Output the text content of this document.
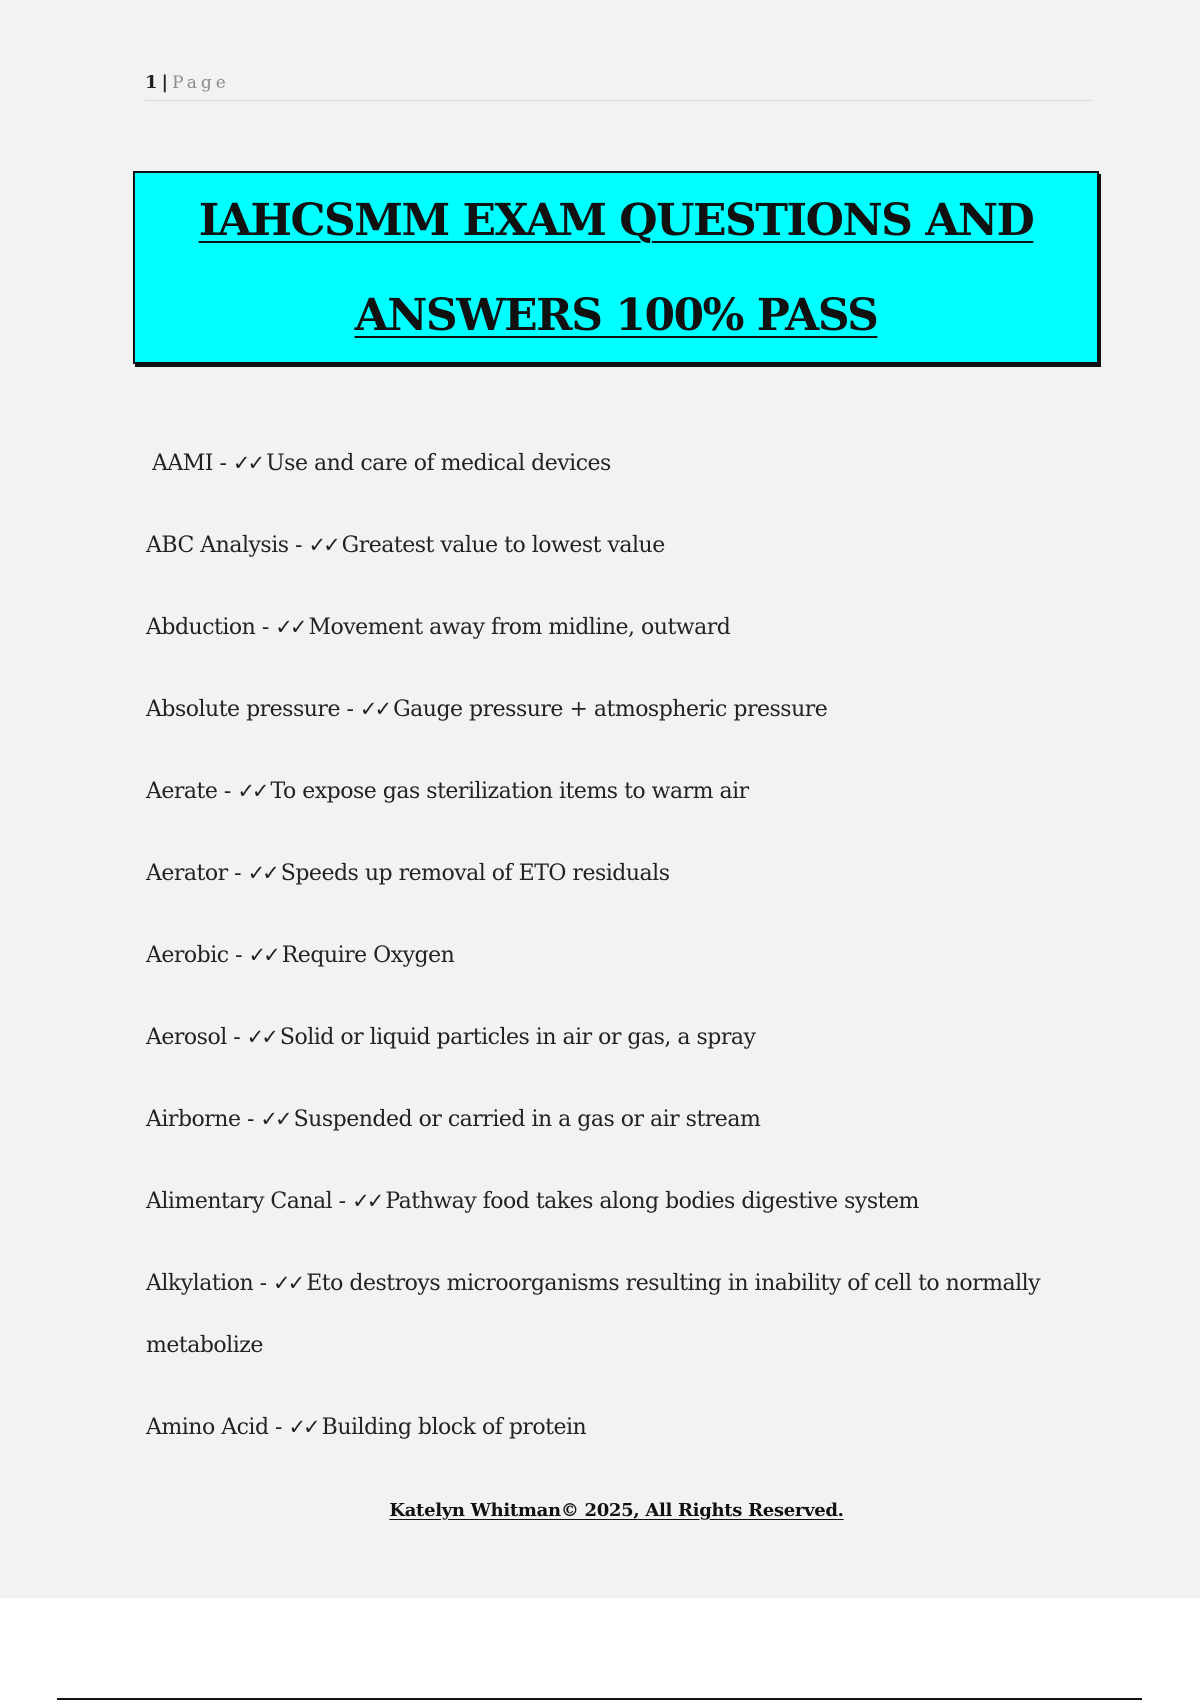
1 | Page
IAHCSMM EXAM QUESTIONS AND ANSWERS 100% PASS
AAMI - ✓✓ Use and care of medical devices
ABC Analysis - ✓✓ Greatest value to lowest value
Abduction - ✓✓ Movement away from midline, outward
Absolute pressure - ✓✓ Gauge pressure + atmospheric pressure
Aerate - ✓✓ To expose gas sterilization items to warm air
Aerator - ✓✓ Speeds up removal of ETO residuals
Aerobic - ✓✓ Require Oxygen
Aerosol - ✓✓ Solid or liquid particles in air or gas, a spray
Airborne - ✓✓ Suspended or carried in a gas or air stream
Alimentary Canal - ✓✓ Pathway food takes along bodies digestive system
Alkylation - ✓✓ Eto destroys microorganisms resulting in inability of cell to normally metabolize
Amino Acid - ✓✓ Building block of protein
Katelyn Whitman© 2025, All Rights Reserved.
